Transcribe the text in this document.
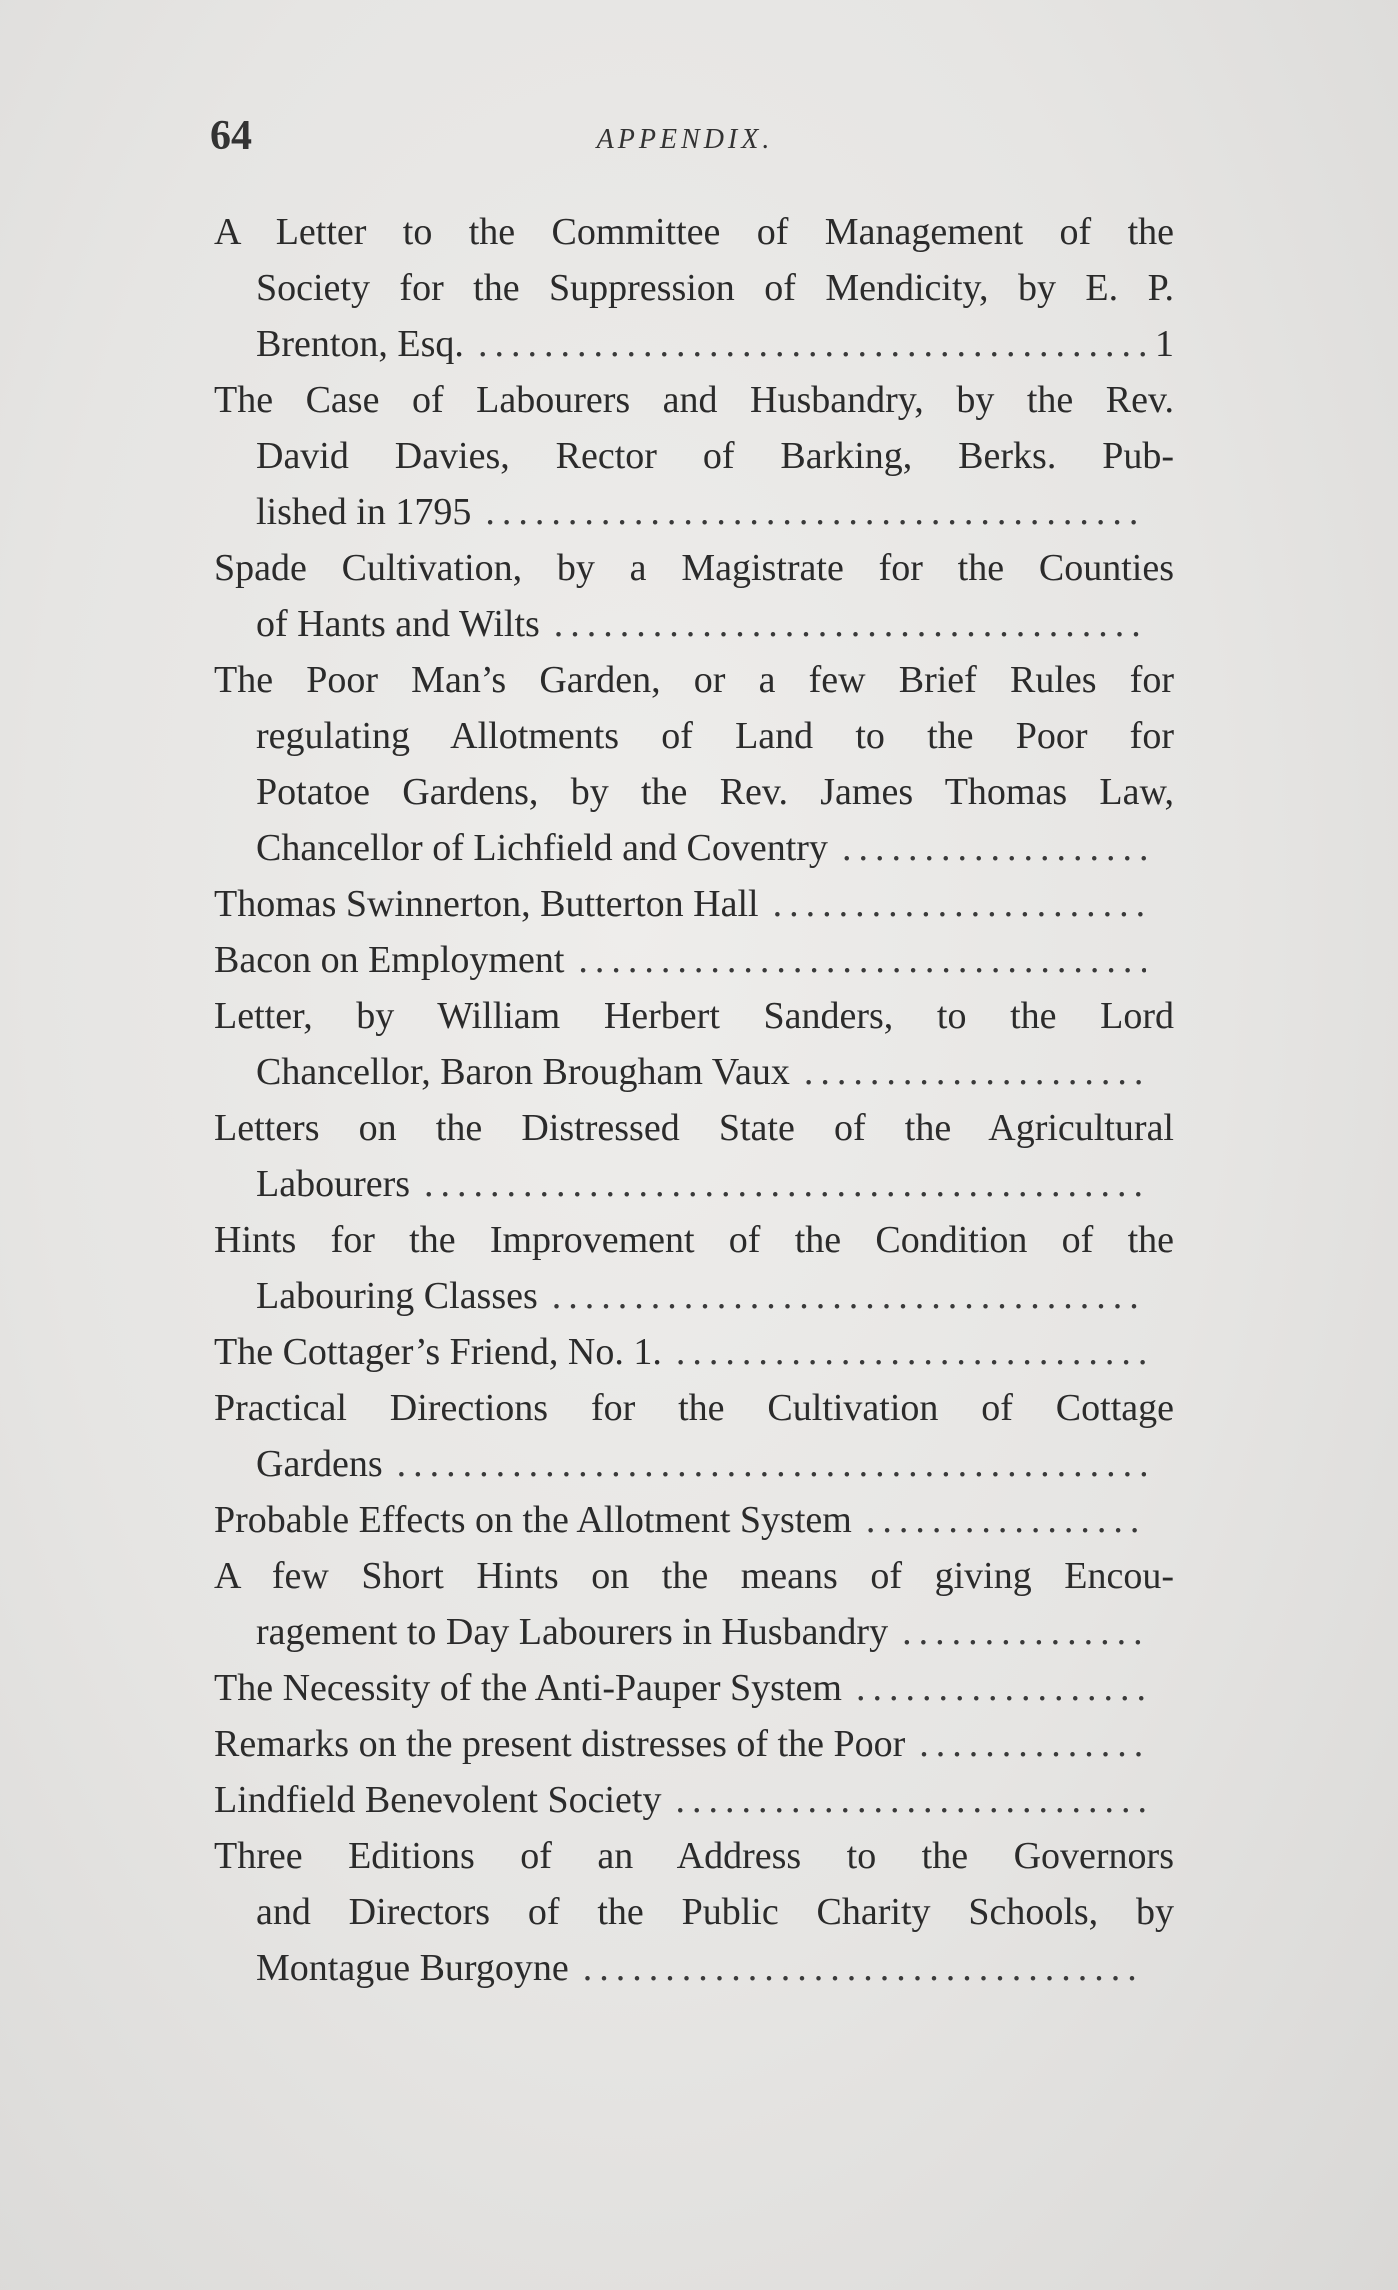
64	APPENDIX.
A Letter to the Committee of Management of the
Society for the Suppression of Mendicity, by E. P.
Brenton, Esq.
.....	1
The Case of Labourers and Husbandry, by the Rev.
David Davies, Rector of Barking, Berks. Pub-
lished in 1795
.....
Spade Cultivation, by a Magistrate for the Counties
of Hants and Wilts
.....
The Poor Man’s Garden, or a few Brief Rules for
regulating Allotments of Land to the Poor for
Potatoe Gardens, by the Rev. James Thomas Law,
Chancellor of Lichfield and Coventry
.....
Thomas Swinnerton, Butterton Hall
.....
Bacon on Employment
.....
Letter, by William Herbert Sanders, to the Lord
Chancellor, Baron Brougham Vaux
.....
Letters on the Distressed State of the Agricultural
Labourers
.....
Hints for the Improvement of the Condition of the
Labouring Classes
.....
The Cottager’s Friend, No. 1.
.....
Practical Directions for the Cultivation of Cottage
Gardens
.....
Probable Effects on the Allotment System
.....
A few Short Hints on the means of giving Encou-
ragement to Day Labourers in Husbandry
.....
The Necessity of the Anti-Pauper System
.....
Remarks on the present distresses of the Poor
.....
Lindfield Benevolent Society
.....
Three Editions of an Address to the Governors
and Directors of the Public Charity Schools, by
Montague Burgoyne
.....
